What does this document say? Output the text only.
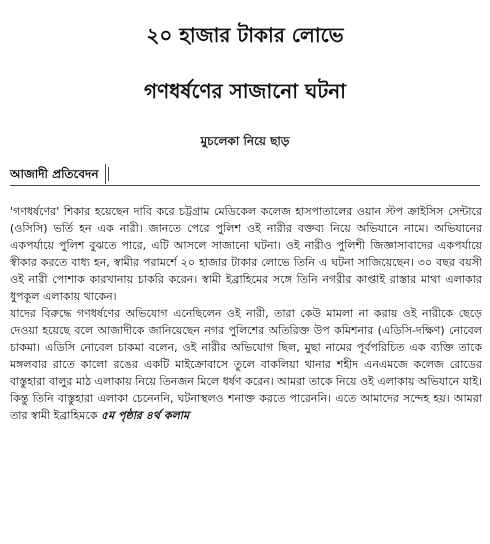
২০ হাজার টাকার লোভে
গণধর্ষণের সাজানো ঘটনা
মুচলেকা নিয়ে ছাড়
আজাদী প্রতিবেদন

'গণধর্ষণের' শিকার হয়েছেন দাবি করে চট্টগ্রাম মেডিকেল কলেজ হাসপাতালের ওয়ান স্টপ ক্রাইসিস সেন্টারে (ওসিসি) ভর্তি হন এক নারী। জানতে পেরে পুলিশ ওই নারীর বক্তব্য নিয়ে অভিযানে নামে। অভিযানের একপর্যায়ে পুলিশ বুঝতে পারে, এটি আসলে সাজানো ঘটনা। ওই নারীও পুলিশী জিজ্ঞাসাবাদের একপর্যায়ে স্বীকার করতে বাধ্য হন, স্বামীর পরামর্শে ২০ হাজার টাকার লোভে তিনি এ ঘটনা সাজিয়েছেন। ৩০ বছর বয়সী ওই নারী পোশাক কারখানায় চাকরি করেন। স্বামী ইব্রাহিমের সঙ্গে তিনি নগরীর কাপ্তাই রাস্তার মাথা এলাকার ধুপকূল এলাকায় থাকেন।

যাদের বিরুদ্ধে গণধর্ষণের অভিযোগ এনেছিলেন ওই নারী, তারা কেউ মামলা না করায় ওই নারীকে ছেড়ে দেওয়া হয়েছে বলে আজাদীকে জানিয়েছেন নগর পুলিশের অতিরিক্ত উপ কমিশনার (এডিসি-দক্ষিণ) নোবেল চাকমা। এডিসি নোবেল চাকমা বলেন, ওই নারীর অভিযোগ ছিল, মুছা নামের পূর্বপরিচিত এক ব্যক্তি তাকে মঙ্গলবার রাতে কালো রঙের একটি মাইক্রোবাসে তুলে বাকলিয়া থানার শহীদ এনএমজে কলেজ রোডের বাস্তুহারা বালুর মাঠ এলাকায় নিয়ে তিনজন মিলে ধর্ষণ করেন। আমরা তাকে নিয়ে ওই এলাকায় অভিযানে যাই। কিন্তু তিনি বাস্তুহারা এলাকা চেনেননি, ঘটনাস্থলও শনাক্ত করতে পারেননি। এতে আমাদের সন্দেহ হয়। আমরা তার স্বামী ইব্রাহিমকে ৫ম পৃষ্ঠার ৪র্থ কলাম
